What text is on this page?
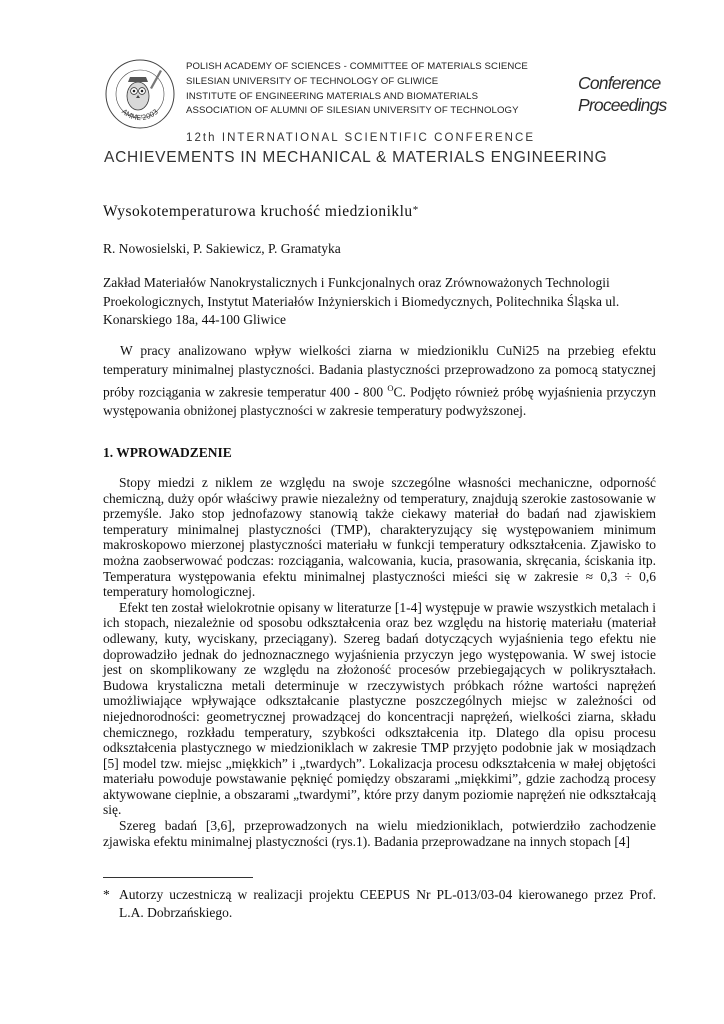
AMME'2003
POLISH ACADEMY OF SCIENCES - COMMITTEE OF MATERIALS SCIENCE
SILESIAN UNIVERSITY OF TECHNOLOGY OF GLIWICE
INSTITUTE OF ENGINEERING MATERIALS AND BIOMATERIALS
ASSOCIATION OF ALUMNI OF SILESIAN UNIVERSITY OF TECHNOLOGY
Conference
Proceedings
12th INTERNATIONAL SCIENTIFIC CONFERENCE
ACHIEVEMENTS IN MECHANICAL & MATERIALS ENGINEERING
Wysokotemperaturowa kruchość miedzioniklu*
R. Nowosielski, P. Sakiewicz, P. Gramatyka
Zakład Materiałów Nanokrystalicznych i Funkcjonalnych oraz Zrównoważonych Technologii Proekologicznych, Instytut Materiałów Inżynierskich i Biomedycznych, Politechnika Śląska ul. Konarskiego 18a, 44-100 Gliwice
W pracy analizowano wpływ wielkości ziarna w miedzioniklu CuNi25 na przebieg efektu temperatury minimalnej plastyczności. Badania plastyczności przeprowadzono za pomocą statycznej próby rozciągania w zakresie temperatur 400 - 800 $^O$C. Podjęto również próbę wyjaśnienia przyczyn występowania obniżonej plastyczności w zakresie temperatury podwyższonej.
1. WPROWADZENIE

Stopy miedzi z niklem ze względu na swoje szczególne własności mechaniczne, odporność chemiczną, duży opór właściwy prawie niezależny od temperatury, znajdują szerokie zastosowanie w przemyśle. Jako stop jednofazowy stanowią także ciekawy materiał do badań nad zjawiskiem temperatury minimalnej plastyczności (TMP), charakteryzujący się występowaniem minimum makroskopowo mierzonej plastyczności materiału w funkcji temperatury odkształcenia. Zjawisko to można zaobserwować podczas: rozciągania, walcowania, kucia, prasowania, skręcania, ściskania itp. Temperatura występowania efektu minimalnej plastyczności mieści się w zakresie ≈ 0,3 ÷ 0,6 temperatury homologicznej.

Efekt ten został wielokrotnie opisany w literaturze [1-4] występuje w prawie wszystkich metalach i ich stopach, niezależnie od sposobu odkształcenia oraz bez względu na historię materiału (materiał odlewany, kuty, wyciskany, przeciągany). Szereg badań dotyczących wyjaśnienia tego efektu nie doprowadziło jednak do jednoznacznego wyjaśnienia przyczyn jego występowania. W swej istocie jest on skomplikowany ze względu na złożoność procesów przebiegających w polikryształach. Budowa krystaliczna metali determinuje w rzeczywistych próbkach różne wartości naprężeń umożliwiające wpływające odkształcanie plastyczne poszczególnych miejsc w zależności od niejednorodności: geometrycznej prowadzącej do koncentracji naprężeń, wielkości ziarna, składu chemicznego, rozkładu temperatury, szybkości odkształcenia itp. Dlatego dla opisu procesu odkształcenia plastycznego w miedzioniklach w zakresie TMP przyjęto podobnie jak w mosiądzach [5] model tzw. miejsc „miękkich” i „twardych”. Lokalizacja procesu odkształcenia w małej objętości materiału powoduje powstawanie pęknięć pomiędzy obszarami „miękkimi”, gdzie zachodzą procesy aktywowane cieplnie, a obszarami „twardymi”, które przy danym poziomie naprężeń nie odkształcają się.

Szereg badań [3,6], przeprowadzonych na wielu miedzioniklach, potwierdziło zachodzenie zjawiska efektu minimalnej plastyczności (rys.1). Badania przeprowadzane na innych stopach [4]

* Autorzy uczestniczą w realizacji projektu CEEPUS Nr PL-013/03-04 kierowanego przez Prof. L.A. Dobrzańskiego.
